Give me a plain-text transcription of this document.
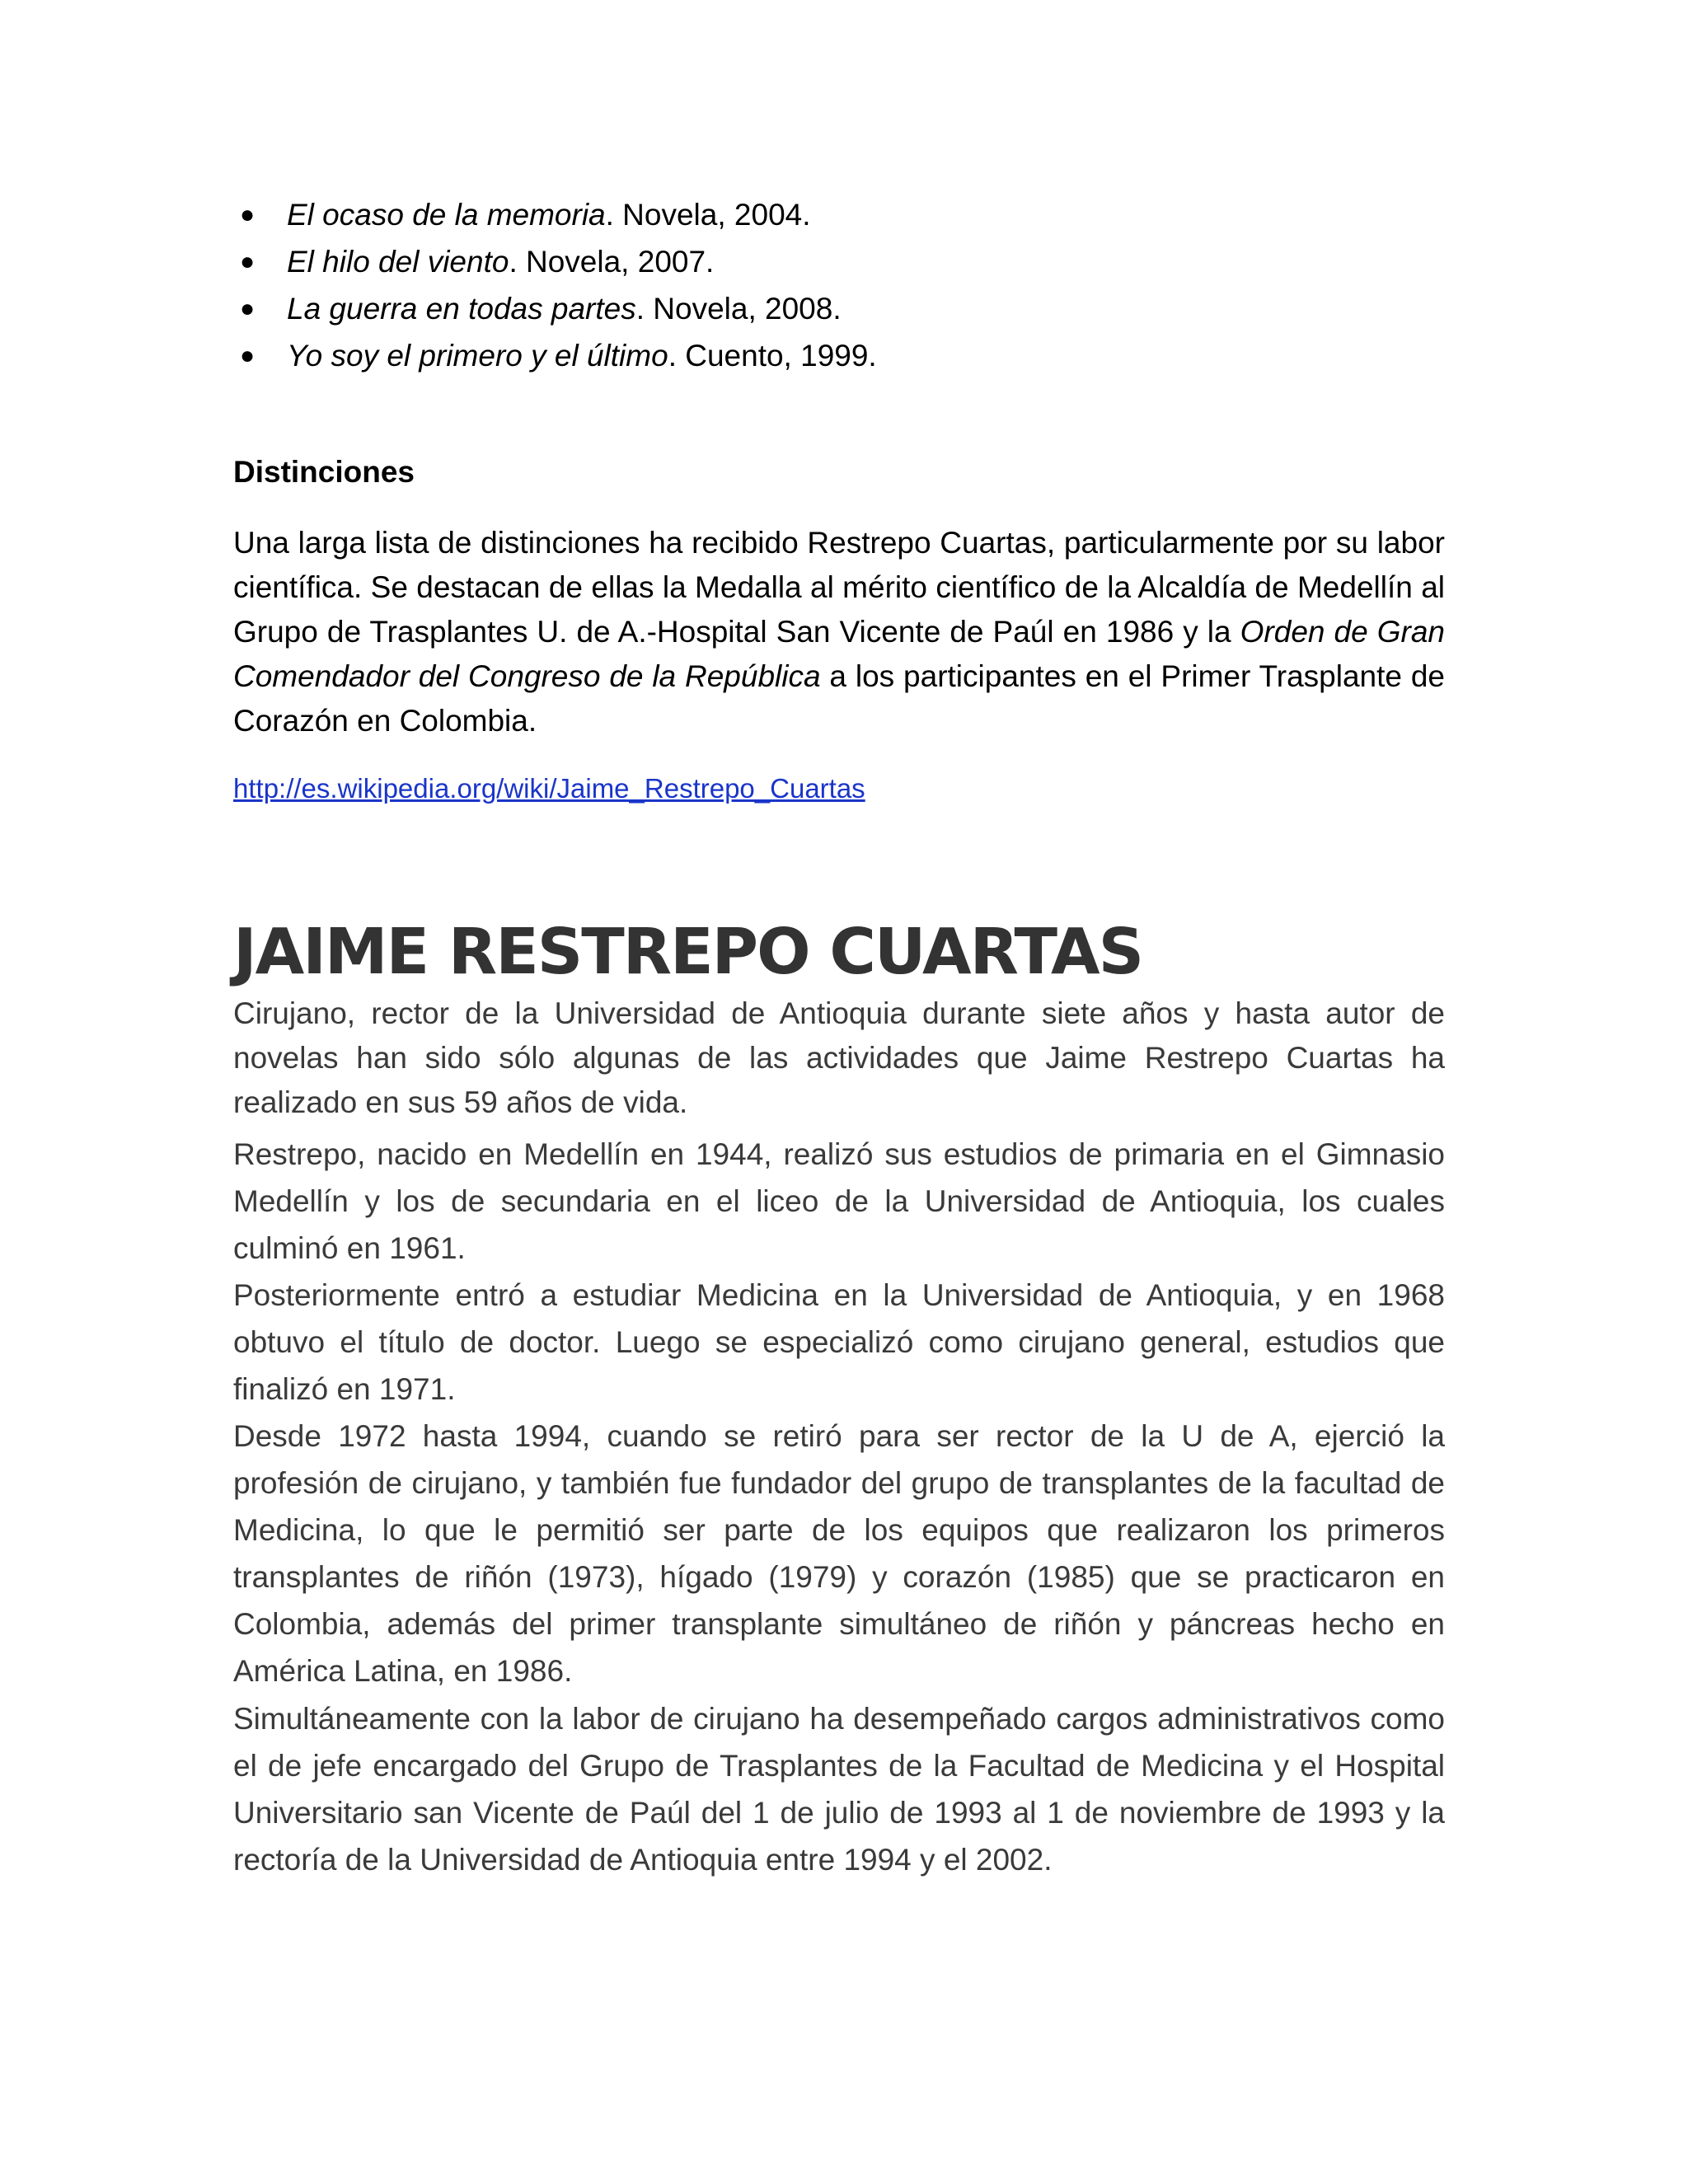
● El ocaso de la memoria. Novela, 2004.
● El hilo del viento. Novela, 2007.
● La guerra en todas partes. Novela, 2008.
● Yo soy el primero y el último. Cuento, 1999.
Distinciones

Una larga lista de distinciones ha recibido Restrepo Cuartas, particularmente por su labor científica. Se destacan de ellas la Medalla al mérito científico de la Alcaldía de Medellín al Grupo de Trasplantes U. de A.-Hospital San Vicente de Paúl en 1986 y la Orden de Gran Comendador del Congreso de la República a los participantes en el Primer Trasplante de Corazón en Colombia.

http://es.wikipedia.org/wiki/Jaime_Restrepo_Cuartas
JAIME RESTREPO CUARTAS

Cirujano, rector de la Universidad de Antioquia durante siete años y hasta autor de novelas han sido sólo algunas de las actividades que Jaime Restrepo Cuartas ha realizado en sus 59 años de vida.

Restrepo, nacido en Medellín en 1944, realizó sus estudios de primaria en el Gimnasio Medellín y los de secundaria en el liceo de la Universidad de Antioquia, los cuales culminó en 1961.

Posteriormente entró a estudiar Medicina en la Universidad de Antioquia, y en 1968 obtuvo el título de doctor. Luego se especializó como cirujano general, estudios que finalizó en 1971.

Desde 1972 hasta 1994, cuando se retiró para ser rector de la U de A, ejerció la profesión de cirujano, y también fue fundador del grupo de transplantes de la facultad de Medicina, lo que le permitió ser parte de los equipos que realizaron los primeros transplantes de riñón (1973), hígado (1979) y corazón (1985) que se practicaron en Colombia, además del primer transplante simultáneo de riñón y páncreas hecho en América Latina, en 1986.

Simultáneamente con la labor de cirujano ha desempeñado cargos administrativos como el de jefe encargado del Grupo de Trasplantes de la Facultad de Medicina y el Hospital Universitario san Vicente de Paúl del 1 de julio de 1993 al 1 de noviembre de 1993 y la rectoría de la Universidad de Antioquia entre 1994 y el 2002.
